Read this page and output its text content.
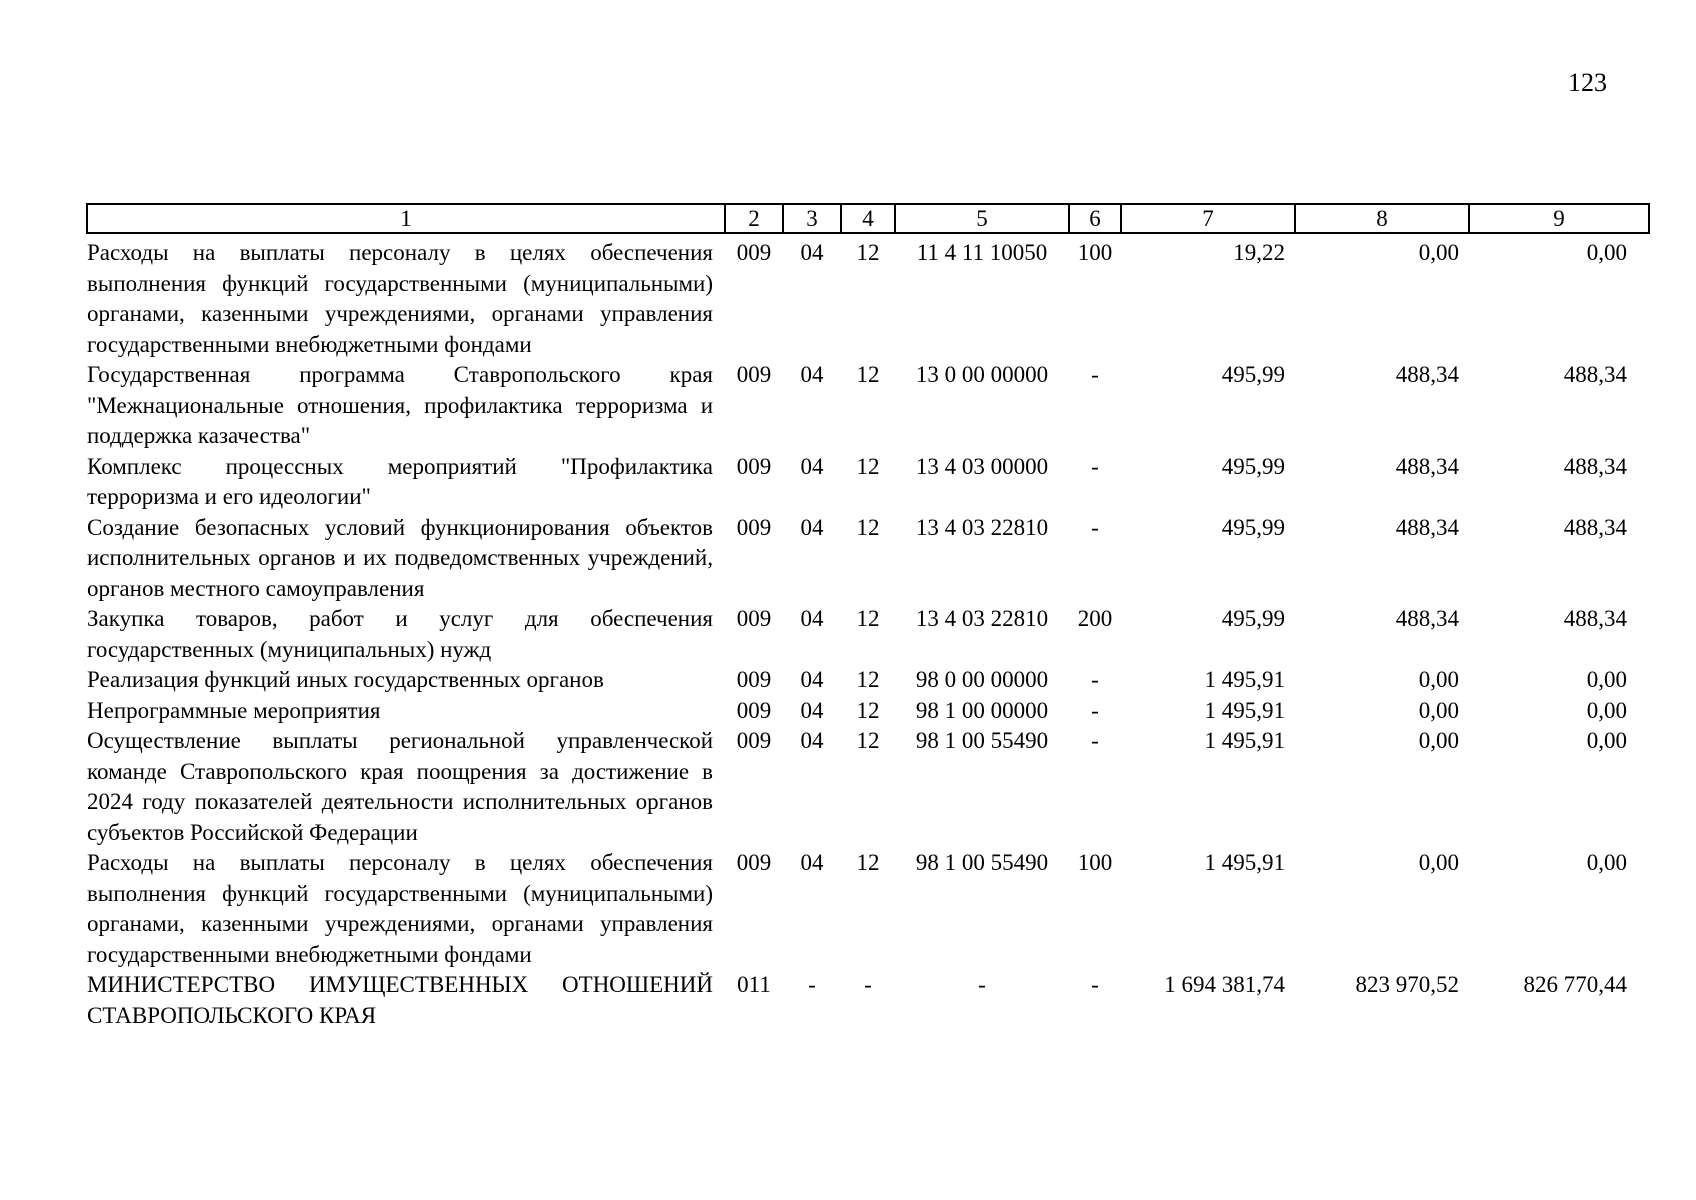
123
1	2	3	4	5	6	7	8	9
Расходы на выплаты персоналу в целях обеспечения выполнения функций государственными (муниципальными) органами, казенными учреждениями, органами управления государственными внебюджетными фондами	009	04	12	11 4 11 10050	100	19,22	0,00	0,00
Государственная программа Ставропольского края "Межнациональные отношения, профилактика терроризма и поддержка казачества"	009	04	12	13 0 00 00000	-	495,99	488,34	488,34
Комплекс процессных мероприятий "Профилактика терроризма и его идеологии"	009	04	12	13 4 03 00000	-	495,99	488,34	488,34
Создание безопасных условий функционирования объектов исполнительных органов и их подведомственных учреждений, органов местного самоуправления	009	04	12	13 4 03 22810	-	495,99	488,34	488,34
Закупка товаров, работ и услуг для обеспечения государственных (муниципальных) нужд	009	04	12	13 4 03 22810	200	495,99	488,34	488,34
Реализация функций иных государственных органов	009	04	12	98 0 00 00000	-	1 495,91	0,00	0,00
Непрограммные мероприятия	009	04	12	98 1 00 00000	-	1 495,91	0,00	0,00
Осуществление выплаты региональной управленческой команде Ставропольского края поощрения за достижение в 2024 году показателей деятельности исполнительных органов субъектов Российской Федерации	009	04	12	98 1 00 55490	-	1 495,91	0,00	0,00
Расходы на выплаты персоналу в целях обеспечения выполнения функций государственными (муниципальными) органами, казенными учреждениями, органами управления государственными внебюджетными фондами	009	04	12	98 1 00 55490	100	1 495,91	0,00	0,00
МИНИСТЕРСТВО ИМУЩЕСТВЕННЫХ ОТНОШЕНИЙ СТАВРОПОЛЬСКОГО КРАЯ	011	-	-	-	-	1 694 381,74	823 970,52	826 770,44
